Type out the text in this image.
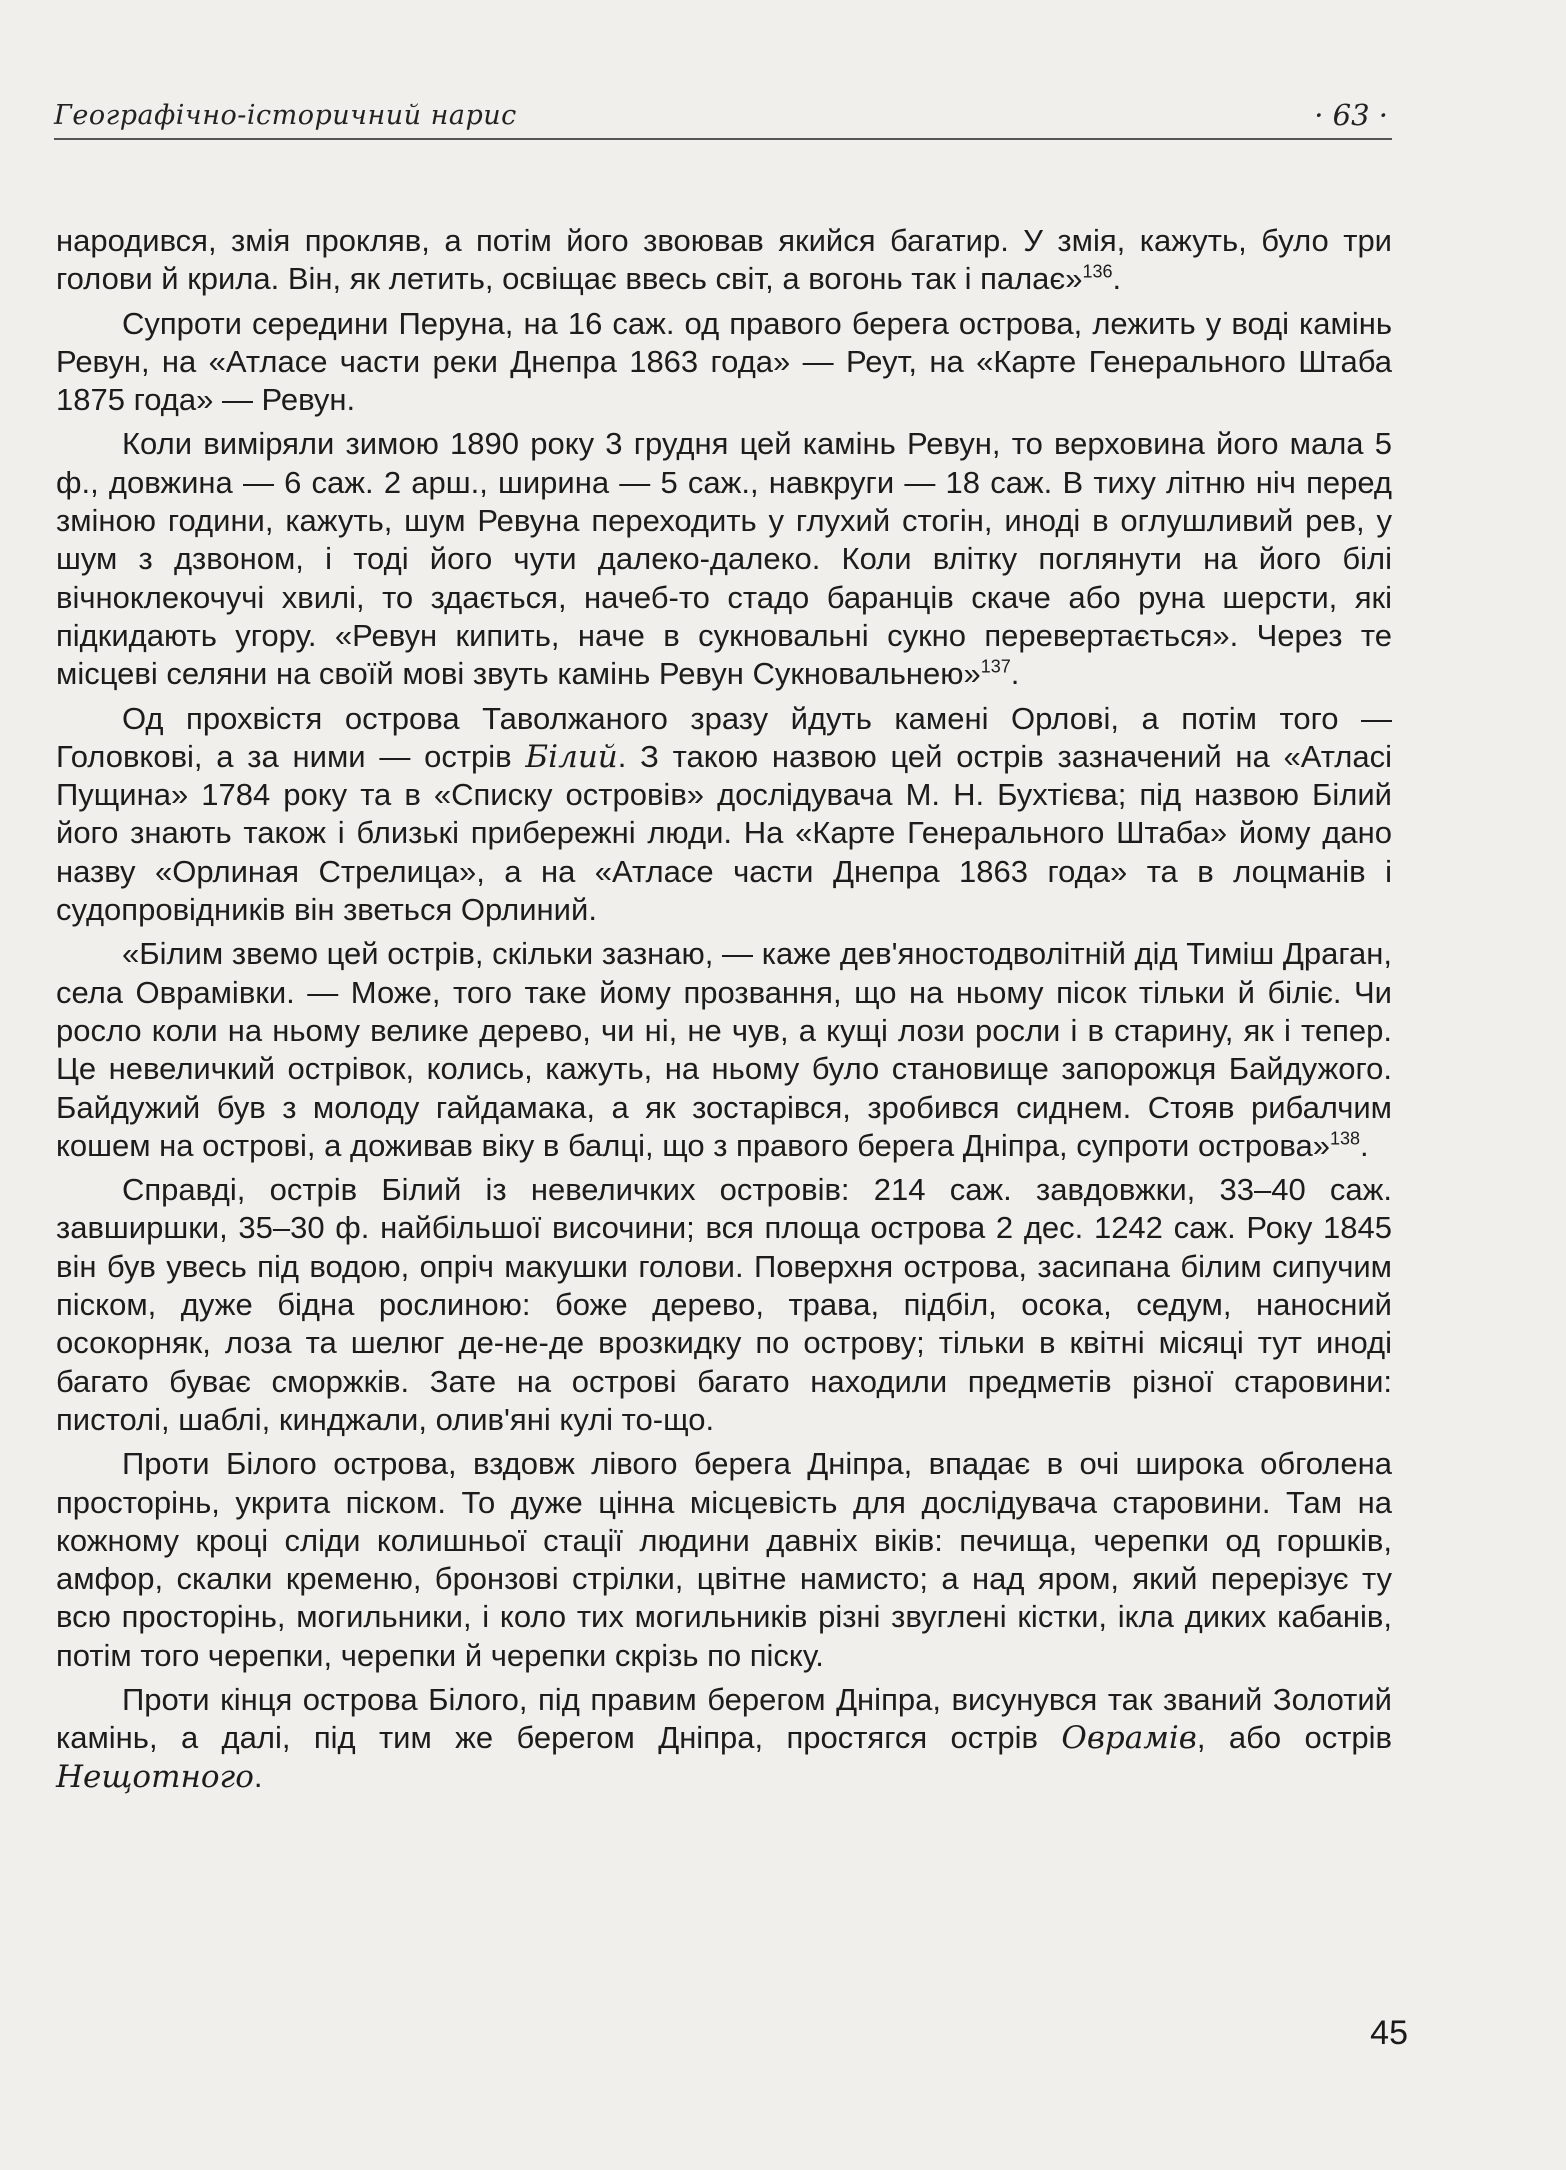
Географічно-історичний нарис	· 63 ·

народився, змія прокляв, а потім його звоював якийся багатир. У змія, кажуть, було три голови й крила. Він, як летить, освіщає ввесь світ, а вогонь так і палає»$^{136}$.

Супроти середини Перуна, на 16 саж. од правого берега острова, лежить у воді камінь Ревун, на «Атласе части реки Днепра 1863 года» — Реут, на «Карте Генерального Штаба 1875 года» — Ревун.

Коли виміряли зимою 1890 року 3 грудня цей камінь Ревун, то верховина його мала 5 ф., довжина — 6 саж. 2 арш., ширина — 5 саж., навкруги — 18 саж. В тиху літню ніч перед зміною години, кажуть, шум Ревуна переходить у глухий стогін, иноді в оглушливий рев, у шум з дзвоном, і тоді його чути далеко-далеко. Коли влітку поглянути на його білі вічноклекочучі хвилі, то здається, начеб-то стадо баранців скаче або руна шерсти, які підкидають угору. «Ревун кипить, наче в сукновальні сукно перевертається». Через те місцеві селяни на своїй мові звуть камінь Ревун Сукновальнею»$^{137}$.

Од прохвістя острова Таволжаного зразу йдуть камені Орлові, а потім того — Головкові, а за ними — острів Білий. З такою назвою цей острів зазначений на «Атласі Пущина» 1784 року та в «Списку островів» дослідувача М. Н. Бухтієва; під назвою Білий його знають також і близькі прибережні люди. На «Карте Генерального Штаба» йому дано назву «Орлиная Стрелица», а на «Атласе части Днепра 1863 года» та в лоцманів і судопровідників він зветься Орлиний.

«Білим звемо цей острів, скільки зазнаю, — каже дев'яностодволітній дід Тиміш Драган, села Оврамівки. — Може, того таке йому прозвання, що на ньому пісок тільки й біліє. Чи росло коли на ньому велике дерево, чи ні, не чув, а кущі лози росли і в старину, як і тепер. Це невеличкий острівок, колись, кажуть, на ньому було становище запорожця Байдужого. Байдужий був з молоду гайдамака, а як зостарівся, зробився сиднем. Стояв рибалчим кошем на острові, а доживав віку в балці, що з правого берега Дніпра, супроти острова»$^{138}$.

Справді, острів Білий із невеличких островів: 214 саж. завдовжки, 33–40 саж. завширшки, 35–30 ф. найбільшої височини; вся площа острова 2 дес. 1242 саж. Року 1845 він був увесь під водою, опріч макушки голови. Поверхня острова, засипана білим сипучим піском, дуже бідна рослиною: боже дерево, трава, підбіл, осока, седум, наносний осокорняк, лоза та шелюг де-не-де врозкидку по острову; тільки в квітні місяці тут иноді багато буває сморжків. Зате на острові багато находили предметів різної старовини: пистолі, шаблі, кинджали, олив'яні кулі то-що.

Проти Білого острова, вздовж лівого берега Дніпра, впадає в очі широка обголена просторінь, укрита піском. То дуже цінна місцевість для дослідувача старовини. Там на кожному кроці сліди колишньої стації людини давніх віків: печища, черепки од горшків, амфор, скалки кременю, бронзові стрілки, цвітне намисто; а над яром, який перерізує ту всю просторінь, могильники, і коло тих могильників різні звуглені кістки, ікла диких кабанів, потім того черепки, черепки й черепки скрізь по піску.

Проти кінця острова Білого, під правим берегом Дніпра, висунувся так званий Золотий камінь, а далі, під тим же берегом Дніпра, простягся острів Оврамів, або острів Нещотного.

45
